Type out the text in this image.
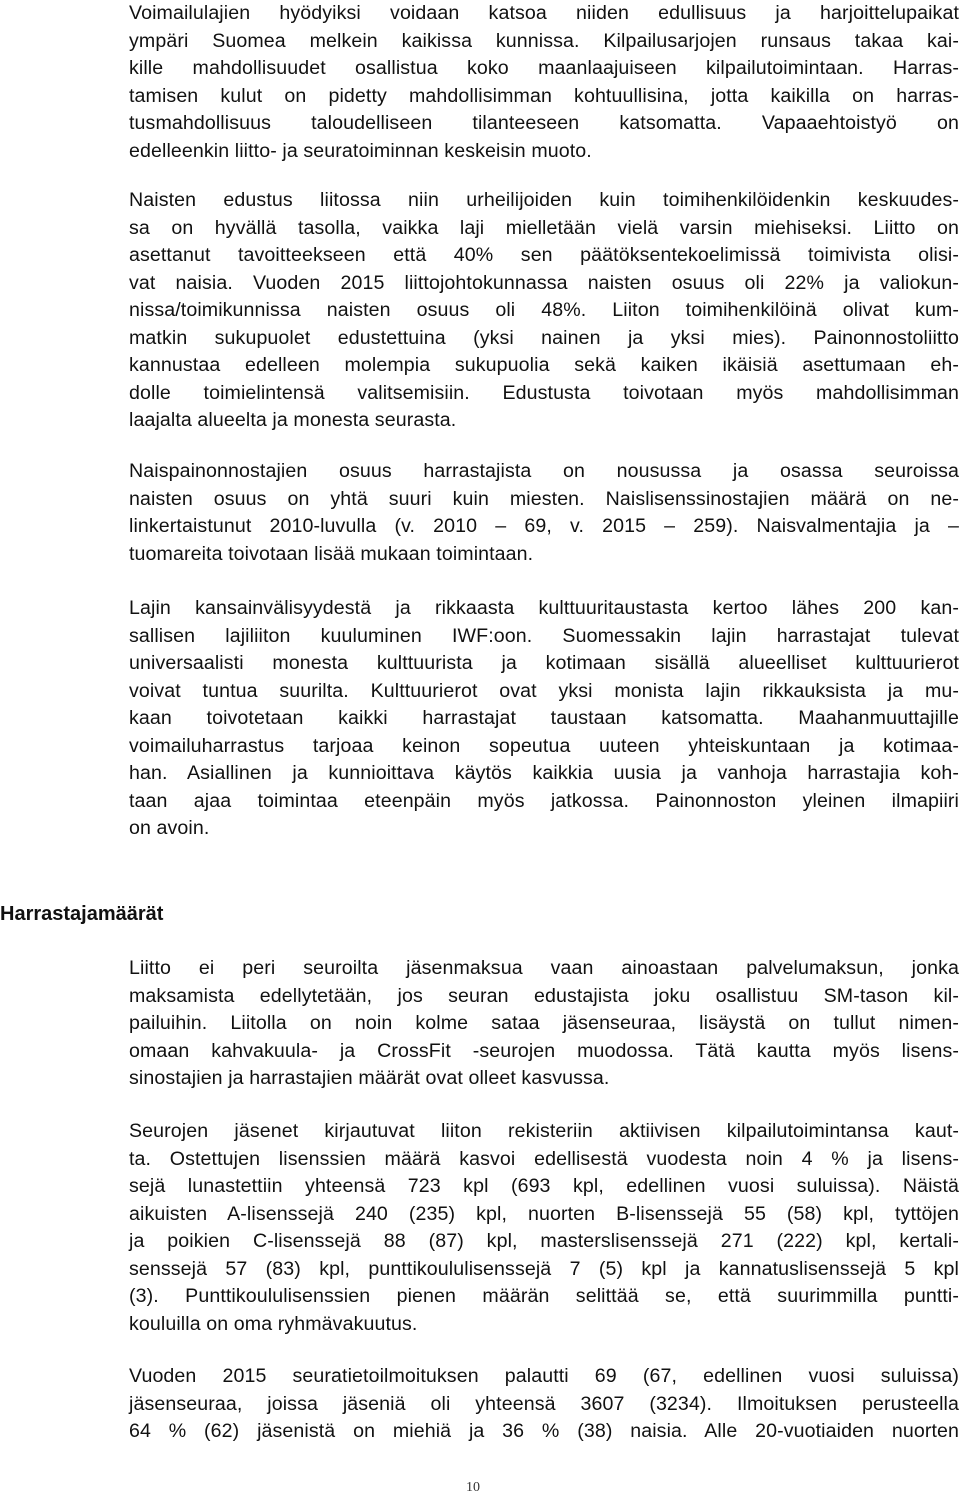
Voimailulajien hyödyiksi voidaan katsoa niiden edullisuus ja harjoittelupaikat
ympäri Suomea melkein kaikissa kunnissa. Kilpailusarjojen runsaus takaa kai-
kille mahdollisuudet osallistua koko maanlaajuiseen kilpailutoimintaan. Harras-
tamisen kulut on pidetty mahdollisimman kohtuullisina, jotta kaikilla on harras-
tusmahdollisuus taloudelliseen tilanteeseen katsomatta. Vapaaehtoistyö on
edelleenkin liitto- ja seuratoiminnan keskeisin muoto.

Naisten edustus liitossa niin urheilijoiden kuin toimihenkilöidenkin keskuudes-
sa on hyvällä tasolla, vaikka laji mielletään vielä varsin miehiseksi. Liitto on
asettanut tavoitteekseen että 40% sen päätöksentekoelimissä toimivista olisi-
vat naisia. Vuoden 2015 liittojohtokunnassa naisten osuus oli 22% ja valiokun-
nissa/toimikunnissa naisten osuus oli 48%. Liiton toimihenkilöinä olivat kum-
matkin sukupuolet edustettuina (yksi nainen ja yksi mies). Painonnostoliitto
kannustaa edelleen molempia sukupuolia sekä kaiken ikäisiä asettumaan eh-
dolle toimielintensä valitsemisiin. Edustusta toivotaan myös mahdollisimman
laajalta alueelta ja monesta seurasta.

Naispainonnostajien osuus harrastajista on nousussa ja osassa seuroissa
naisten osuus on yhtä suuri kuin miesten. Naislisenssinostajien määrä on ne-
linkertaistunut 2010-luvulla (v. 2010 – 69, v. 2015 – 259). Naisvalmentajia ja –
tuomareita toivotaan lisää mukaan toimintaan.

Lajin kansainvälisyydestä ja rikkaasta kulttuuritaustasta kertoo lähes 200 kan-
sallisen lajiliiton kuuluminen IWF:oon. Suomessakin lajin harrastajat tulevat
universaalisti monesta kulttuurista ja kotimaan sisällä alueelliset kulttuurierot
voivat tuntua suurilta. Kulttuurierot ovat yksi monista lajin rikkauksista ja mu-
kaan toivotetaan kaikki harrastajat taustaan katsomatta. Maahanmuuttajille
voimailuharrastus tarjoaa keinon sopeutua uuteen yhteiskuntaan ja kotimaa-
han. Asiallinen ja kunnioittava käytös kaikkia uusia ja vanhoja harrastajia koh-
taan ajaa toimintaa eteenpäin myös jatkossa. Painonnoston yleinen ilmapiiri
on avoin.

Harrastajamäärät

Liitto ei peri seuroilta jäsenmaksua vaan ainoastaan palvelumaksun, jonka
maksamista edellytetään, jos seuran edustajista joku osallistuu SM-tason kil-
pailuihin. Liitolla on noin kolme sataa jäsenseuraa, lisäystä on tullut nimen-
omaan kahvakuula- ja CrossFit -seurojen muodossa. Tätä kautta myös lisens-
sinostajien ja harrastajien määrät ovat olleet kasvussa.

Seurojen jäsenet kirjautuvat liiton rekisteriin aktiivisen kilpailutoimintansa kaut-
ta. Ostettujen lisenssien määrä kasvoi edellisestä vuodesta noin 4 % ja lisens-
sejä lunastettiin yhteensä 723 kpl (693 kpl, edellinen vuosi suluissa). Näistä
aikuisten A-lisenssejä 240 (235) kpl, nuorten B-lisenssejä 55 (58) kpl, tyttöjen
ja poikien C-lisenssejä 88 (87) kpl, masterslisenssejä 271 (222) kpl, kertali-
senssejä 57 (83) kpl, punttikoululisenssejä 7 (5) kpl ja kannatuslisenssejä 5 kpl
(3). Punttikoululisenssien pienen määrän selittää se, että suurimmilla puntti-
kouluilla on oma ryhmävakuutus.

Vuoden 2015 seuratietoilmoituksen palautti 69 (67, edellinen vuosi suluissa)
jäsenseuraa, joissa jäseniä oli yhteensä 3607 (3234). Ilmoituksen perusteella
64 % (62) jäsenistä on miehiä ja 36 % (38) naisia. Alle 20-vuotiaiden nuorten

10
